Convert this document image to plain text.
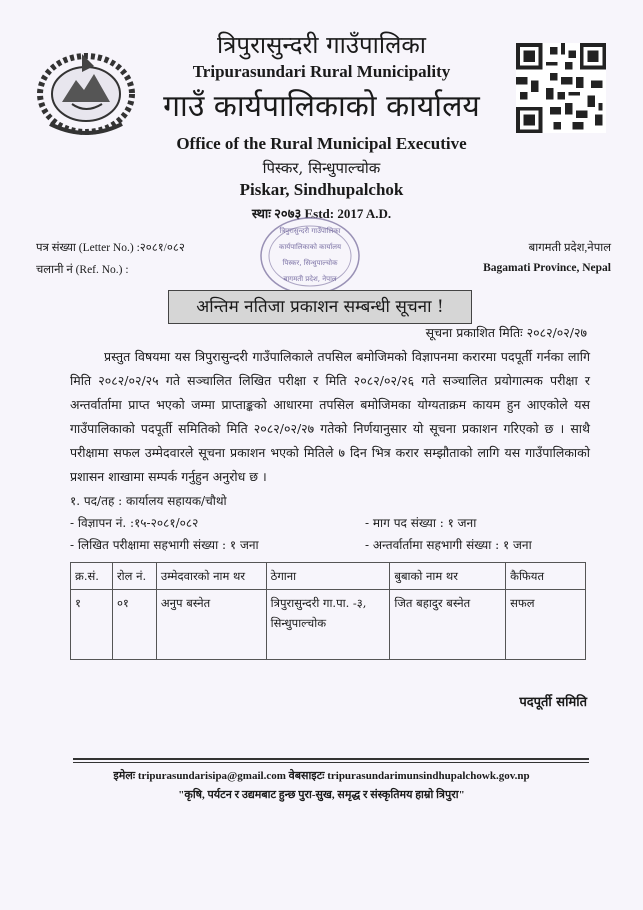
त्रिपुरासुन्दरी गाउँपालिका
Tripurasundari Rural Municipality
गाउँ कार्यपालिकाको कार्यालय
Office of the Rural Municipal Executive
पिस्कर, सिन्धुपाल्चोक
Piskar, Sindhupalchok
स्थाः २०७३ Estd: 2017 A.D.
पत्र संख्या (Letter No.) :२०८१/०८२
चलानी नं (Ref. No.) :
बागमती प्रदेश,नेपाल
Bagamati Province, Nepal
त्रिपुरासुन्दरी गाउँपालिका
कार्यपालिकाको कार्यालय
पिस्कर, सिन्धुपाल्चोक
बागमती प्रदेश, नेपाल
अन्तिम नतिजा प्रकाशन सम्बन्धी सूचना !
सूचना प्रकाशित मितिः २०८२/०२/२७

प्रस्तुत विषयमा यस त्रिपुरासुन्दरी गाउँपालिकाले तपसिल बमोजिमको विज्ञापनमा करारमा पदपूर्ती गर्नका लागि मिति २०८२/०२/२५ गते सञ्चालित लिखित परीक्षा र मिति २०८२/०२/२६ गते सञ्चालित प्रयोगात्मक परीक्षा र अन्तर्वार्तामा प्राप्त भएको जम्मा प्राप्ताङ्कको आधारमा तपसिल बमोजिमका योग्यताक्रम कायम हुन आएकोले यस गाउँपालिकाको पदपूर्ती समितिको मिति २०८२/०२/२७ गतेको निर्णयानुसार यो सूचना प्रकाशन गरिएको छ । साथै परीक्षामा सफल उम्मेदवारले सूचना प्रकाशन भएको मितिले ७ दिन भित्र करार सम्झौताको लागि यस गाउँपालिकाको प्रशासन शाखामा सम्पर्क गर्नुहुन अनुरोध छ ।

१. पद/तह : कार्यालय सहायक/चौथो
- विज्ञापन नं. :१५-२०८१/०८२	- माग पद संख्या : १ जना
- लिखित परीक्षामा सहभागी संख्या : १ जना	- अन्तर्वार्तामा सहभागी संख्या : १ जना
क्र.सं.	रोल नं.	उम्मेदवारको नाम थर	ठेगाना	बुबाको नाम थर	कैफियत
१	०१	अनुप बस्नेत	त्रिपुरासुन्दरी गा.पा. -३, सिन्धुपाल्चोक	जित बहादुर बस्नेत	सफल
पदपूर्ती समिति
इमेलः tripurasundarisipa@gmail.com वेबसाइटः tripurasundarimunsindhupalchowk.gov.np
"कृषि, पर्यटन र उद्यमबाट हुन्छ पुरा-सुख, समृद्ध र संस्कृतिमय हाम्रो त्रिपुरा"
